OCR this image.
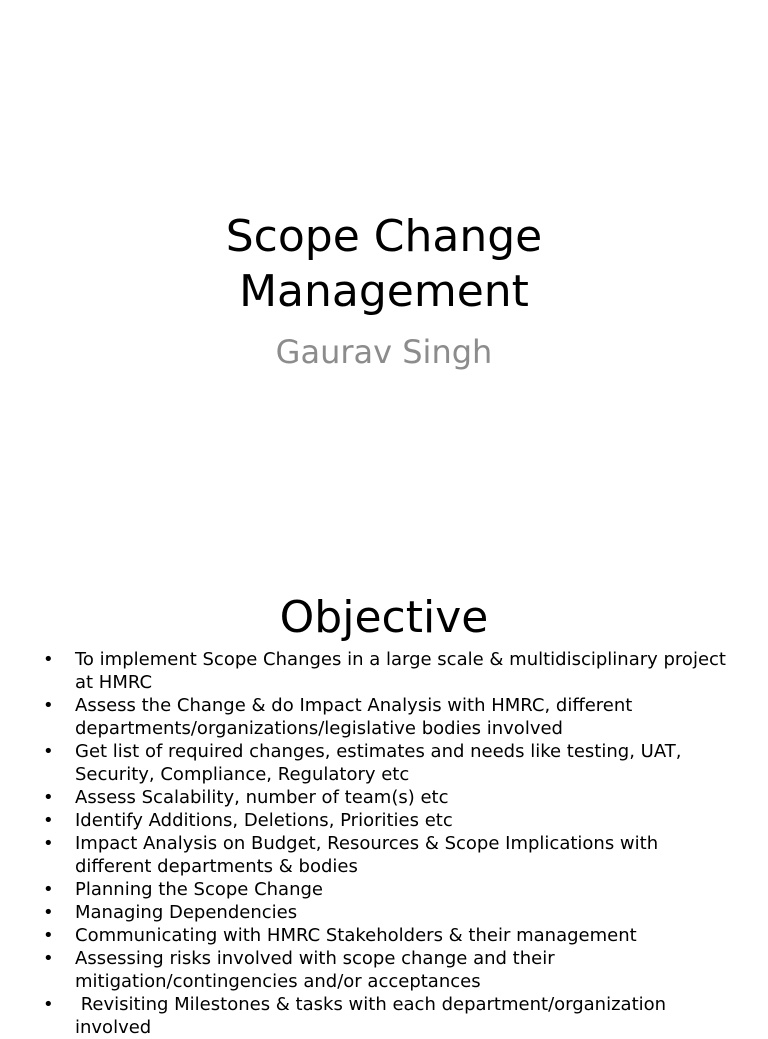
Scope Change
Management
Gaurav Singh
Objective
•	To implement Scope Changes in a large scale & multidisciplinary project at HMRC
•	Assess the Change & do Impact Analysis with HMRC, different departments/organizations/legislative bodies involved
•	Get list of required changes, estimates and needs like testing, UAT, Security, Compliance, Regulatory etc
•	Assess Scalability, number of team(s) etc
•	Identify Additions, Deletions, Priorities etc
•	Impact Analysis on Budget, Resources & Scope Implications with different departments & bodies
•	Planning the Scope Change
•	Managing Dependencies
•	Communicating with HMRC Stakeholders & their management
•	Assessing risks involved with scope change and their mitigation/contingencies and/or acceptances
•	Revisiting Milestones & tasks with each department/organization involved
